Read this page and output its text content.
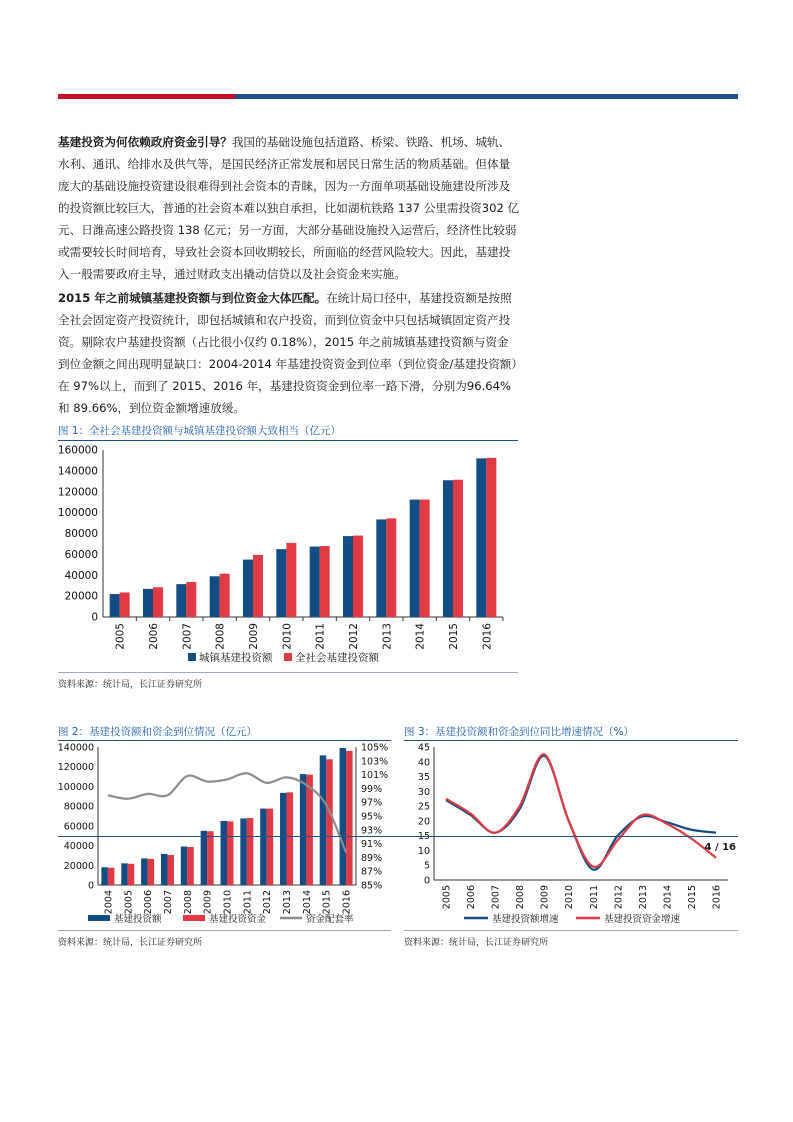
基建投资为何依赖政府资金引导？我国的基础设施包括道路、桥梁、铁路、机场、城轨、水利、通讯、给排水及供气等，是国民经济正常发展和居民日常生活的物质基础。但体量庞大的基础设施投资建设很难得到社会资本的青睐，因为一方面单项基础设施建设所涉及的投资额比较巨大，普通的社会资本难以独自承担，比如湖杭铁路 137 公里需投资302 亿元、日潍高速公路投资 138 亿元；另一方面，大部分基础设施投入运营后，经济性比较弱或需要较长时间培育，导致社会资本回收期较长，所面临的经营风险较大。因此，基建投入一般需要政府主导，通过财政支出撬动信贷以及社会资金来实施。

2015 年之前城镇基建投资额与到位资金大体匹配。在统计局口径中，基建投资额是按照全社会固定资产投资统计，即包括城镇和农户投资，而到位资金中只包括城镇固定资产投资。剔除农户基建投资额（占比很小仅约 0.18%），2015 年之前城镇基建投资额与资金到位金额之间出现明显缺口：2004-2014 年基建投资资金到位率（到位资金/基建投资额）在 97%以上，而到了 2015、2016 年，基建投资资金到位率一路下滑，分别为96.64%和 89.66%，到位资金额增速放缓。

图 1：全社会基建投资额与城镇基建投资额大致相当（亿元）
0
20000
40000
60000
80000
100000
120000
140000
160000
2005 2006 2007 2008 2009 2010 2011 2012 2013 2014 2015 2016
城镇基建投资额 全社会基建投资额
资料来源：统计局，长江证券研究所
图 2：基建投资额和资金到位情况（亿元）
0
20000
40000
60000
80000
100000
120000
140000
85%
87%
89%
91%
93%
95%
97%
99%
101%
103%
105%
2004 2005 2006 2007 2008 2009 2010 2011 2012 2013 2014 2015 2016
基建投资额	基建投资资金	资金配套率
资料来源：统计局，长江证券研究所
图 3：基建投资额和资金到位同比增速情况（%）
0
5
10
20
25
30
35
40
45
2005 2006 2007 2008 2009 2010 2011 2012 2013 2014 2015 2016
基建投资额增速	基建投资资金增速
资料来源：统计局，长江证券研究所
4 / 16
